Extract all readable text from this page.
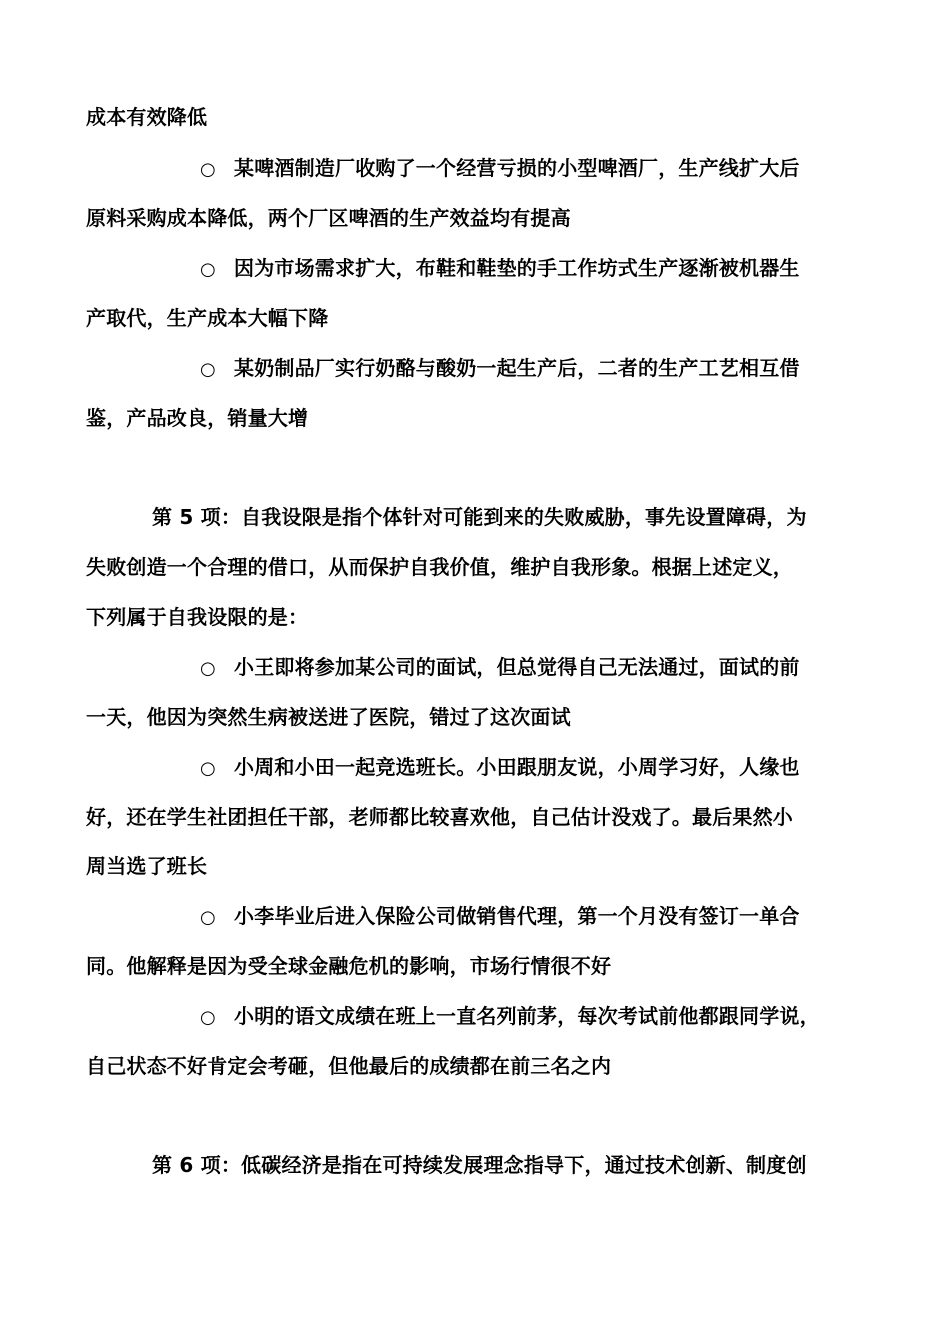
成本有效降低
○ 某啤酒制造厂收购了一个经营亏损的小型啤酒厂，生产线扩大后
原料采购成本降低，两个厂区啤酒的生产效益均有提高
○ 因为市场需求扩大，布鞋和鞋垫的手工作坊式生产逐渐被机器生
产取代，生产成本大幅下降
○ 某奶制品厂实行奶酪与酸奶一起生产后，二者的生产工艺相互借
鉴，产品改良，销量大增
第 5 项：自我设限是指个体针对可能到来的失败威胁，事先设置障碍，为
失败创造一个合理的借口，从而保护自我价值，维护自我形象。根据上述定义，
下列属于自我设限的是：
○ 小王即将参加某公司的面试，但总觉得自己无法通过，面试的前
一天，他因为突然生病被送进了医院，错过了这次面试
○ 小周和小田一起竞选班长。小田跟朋友说，小周学习好，人缘也
好，还在学生社团担任干部，老师都比较喜欢他，自己估计没戏了。最后果然小
周当选了班长
○ 小李毕业后进入保险公司做销售代理，第一个月没有签订一单合
同。他解释是因为受全球金融危机的影响，市场行情很不好
○ 小明的语文成绩在班上一直名列前茅，每次考试前他都跟同学说，
自己状态不好肯定会考砸，但他最后的成绩都在前三名之内
第 6 项：低碳经济是指在可持续发展理念指导下，通过技术创新、制度创
